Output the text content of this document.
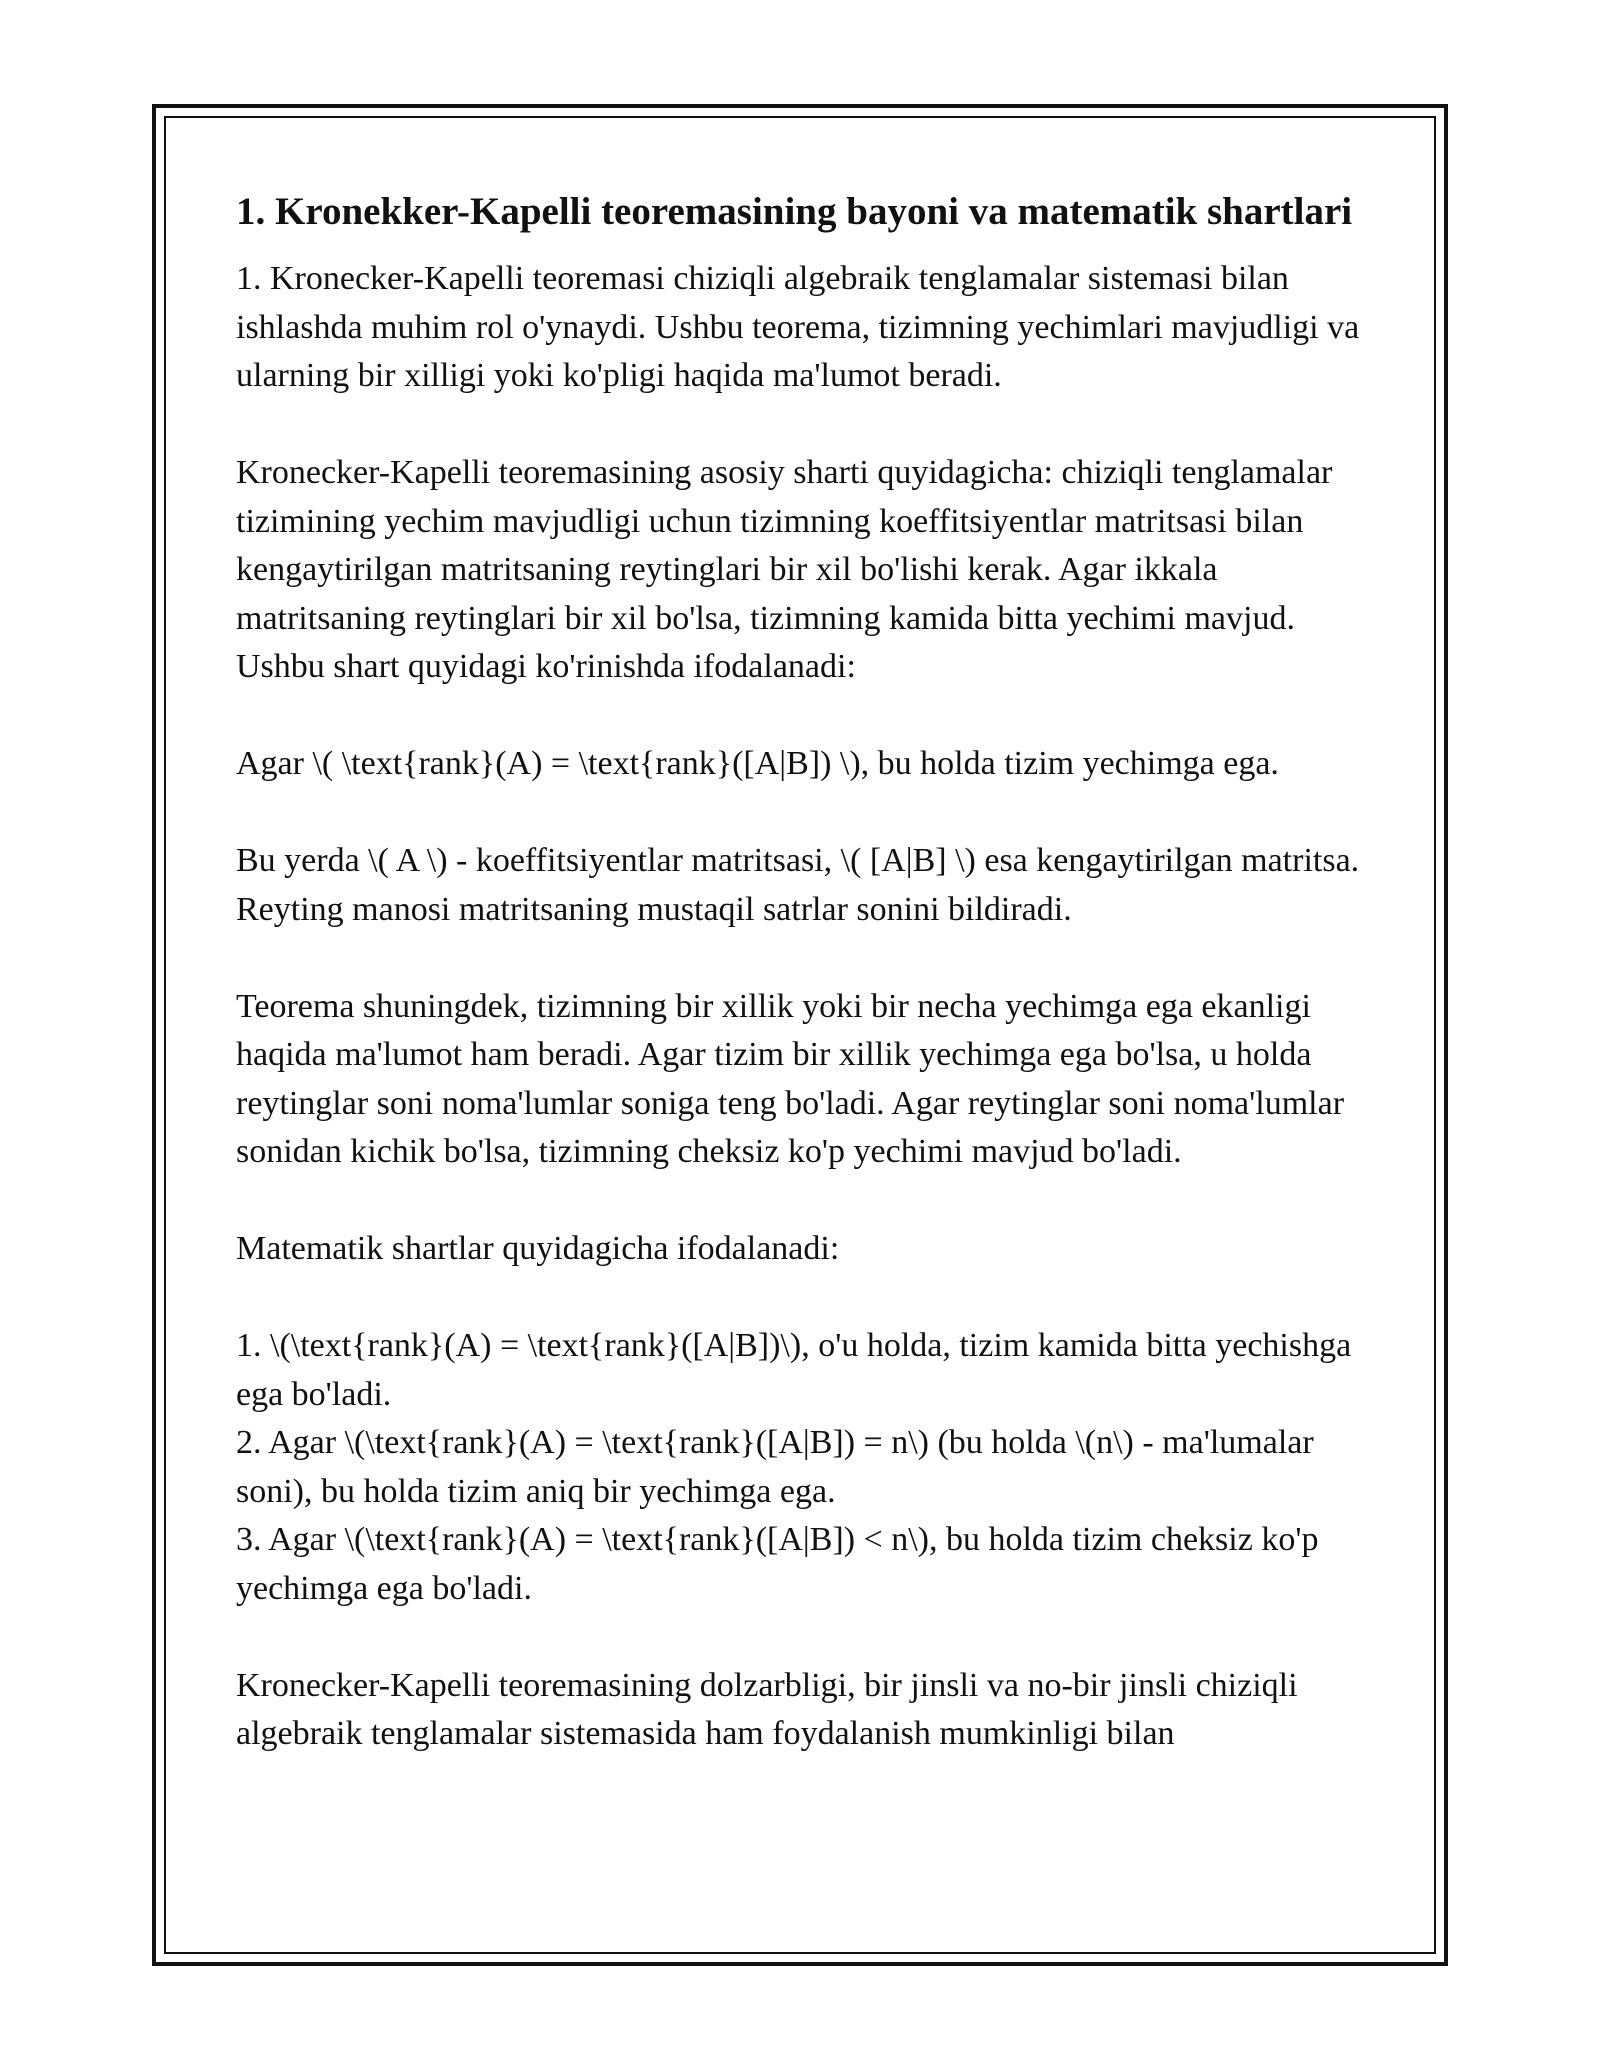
1. Kronekker-Kapelli teoremasining bayoni va matematik shartlari

1. Kronecker-Kapelli teoremasi chiziqli algebraik tenglamalar sistemasi bilan ishlashda muhim rol o'ynaydi. Ushbu teorema, tizimning yechimlari mavjudligi va ularning bir xilligi yoki ko'pligi haqida ma'lumot beradi.

Kronecker-Kapelli teoremasining asosiy sharti quyidagicha: chiziqli tenglamalar tizimining yechim mavjudligi uchun tizimning koeffitsiyentlar matritsasi bilan kengaytirilgan matritsaning reytinglari bir xil bo'lishi kerak. Agar ikkala matritsaning reytinglari bir xil bo'lsa, tizimning kamida bitta yechimi mavjud. Ushbu shart quyidagi ko'rinishda ifodalanadi:

Agar \( \text{rank}(A) = \text{rank}([A|B]) \), bu holda tizim yechimga ega.

Bu yerda \( A \) - koeffitsiyentlar matritsasi, \( [A|B] \) esa kengaytirilgan matritsa. Reyting manosi matritsaning mustaqil satrlar sonini bildiradi.

Teorema shuningdek, tizimning bir xillik yoki bir necha yechimga ega ekanligi haqida ma'lumot ham beradi. Agar tizim bir xillik yechimga ega bo'lsa, u holda reytinglar soni noma'lumlar soniga teng bo'ladi. Agar reytinglar soni noma'lumlar sonidan kichik bo'lsa, tizimning cheksiz ko'p yechimi mavjud bo'ladi.

Matematik shartlar quyidagicha ifodalanadi:

1. \(\text{rank}(A) = \text{rank}([A|B])\), o'u holda, tizim kamida bitta yechishga ega bo'ladi.

2. Agar \(\text{rank}(A) = \text{rank}([A|B]) = n\) (bu holda \(n\) - ma'lumalar soni), bu holda tizim aniq bir yechimga ega.

3. Agar \(\text{rank}(A) = \text{rank}([A|B]) < n\), bu holda tizim cheksiz ko'p yechimga ega bo'ladi.

Kronecker-Kapelli teoremasining dolzarbligi, bir jinsli va no-bir jinsli chiziqli algebraik tenglamalar sistemasida ham foydalanish mumkinligi bilan
